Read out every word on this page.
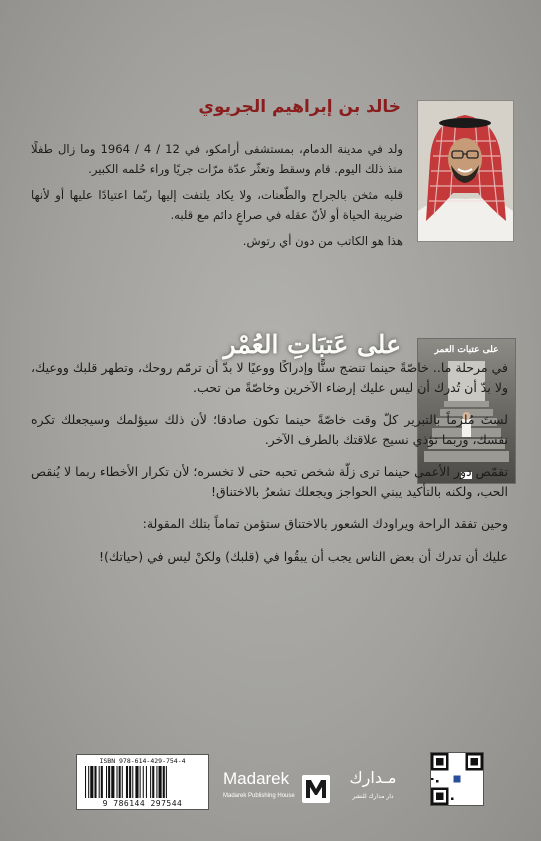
خالد بن إبراهيم الجريوي

ولد في مدينة الدمام، بمستشفى أرامكو، في 12 / 4 / 1964 وما زال طفلًا منذ ذلك اليوم. قام وسقط وتعثّر عدّة مرّات جريًا وراء حُلمه الكبير.

قلبه مثخن بالجراح والطّعنات، ولا يكاد يلتفت إليها ربّما اعتيادًا عليها أو لأنها ضريبة الحياة أو لأنّ عقله في صراعٍ دائم مع قلبه.

هذا هو الكاتب من دون أي رتوش.

على عَتبَاتِ العُمْر	على عتبات العمر

في مرحلة ما.. خاصّةً حينما تنضج سنًّا وإدراكًا ووعيًا لا بدّ أن ترمّم روحك، وتطهر قلبك ووعيك، ولا بدّ أن تُدرك أن ليس عليك إرضاء الآخرين وخاصّةً من تحب.

لستَ مُلزماً بالتبرير كلّ وقت خاصّةً حينما تكون صادقا؛ لأن ذلك سيؤلمك وسيجعلك تكره نفسك، وربما تؤذي نسيج علاقتك بالطرف الآخر.

تقمّص دور الأعمى حينما ترى زلّة شخص تحبه حتى لا تخسره؛ لأن تكرار الأخطاء ربما لا يُنقص الحب، ولكنه بالتأكيد يبني الحواجز ويجعلك تشعرُ بالاختناق!

وحين تفقد الراحة ويراودك الشعور بالاختناق ستؤمن تماماً بتلك المقولة:

عليك أن تدرك أن بعض الناس يجب أن يبقُوا في (قلبك) ولكنْ ليس في (حياتك)!

ISBN 978-614-429-754-4
9 786144 297544
Madarek
Madarek Publishing House
مـدارك
دار مدارك للنشر
